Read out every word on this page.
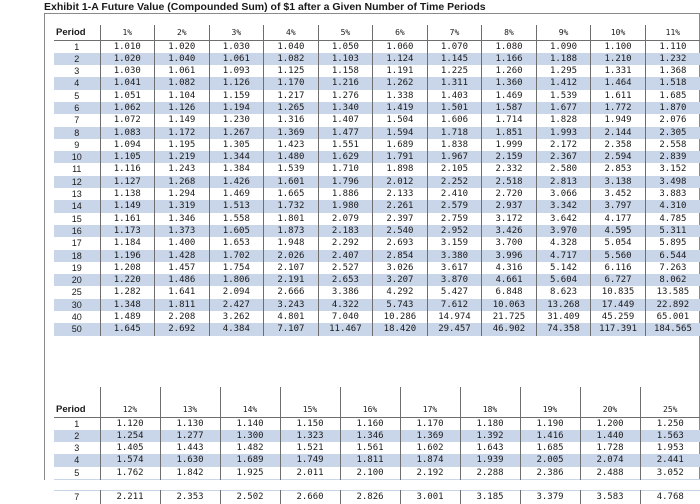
Exhibit 1-A Future Value (Compounded Sum) of $1 after a Given Number of Time Periods
Period	1%	2%	3%	4%	5%	6%	7%	8%	9%	10%	11%
1	1.010	1.020	1.030	1.040	1.050	1.060	1.070	1.080	1.090	1.100	1.110
2	1.020	1.040	1.061	1.082	1.103	1.124	1.145	1.166	1.188	1.210	1.232
3	1.030	1.061	1.093	1.125	1.158	1.191	1.225	1.260	1.295	1.331	1.368
4	1.041	1.082	1.126	1.170	1.216	1.262	1.311	1.360	1.412	1.464	1.518
5	1.051	1.104	1.159	1.217	1.276	1.338	1.403	1.469	1.539	1.611	1.685
6	1.062	1.126	1.194	1.265	1.340	1.419	1.501	1.587	1.677	1.772	1.870
7	1.072	1.149	1.230	1.316	1.407	1.504	1.606	1.714	1.828	1.949	2.076
8	1.083	1.172	1.267	1.369	1.477	1.594	1.718	1.851	1.993	2.144	2.305
9	1.094	1.195	1.305	1.423	1.551	1.689	1.838	1.999	2.172	2.358	2.558
10	1.105	1.219	1.344	1.480	1.629	1.791	1.967	2.159	2.367	2.594	2.839
11	1.116	1.243	1.384	1.539	1.710	1.898	2.105	2.332	2.580	2.853	3.152
12	1.127	1.268	1.426	1.601	1.796	2.012	2.252	2.518	2.813	3.138	3.498
13	1.138	1.294	1.469	1.665	1.886	2.133	2.410	2.720	3.066	3.452	3.883
14	1.149	1.319	1.513	1.732	1.980	2.261	2.579	2.937	3.342	3.797	4.310
15	1.161	1.346	1.558	1.801	2.079	2.397	2.759	3.172	3.642	4.177	4.785
16	1.173	1.373	1.605	1.873	2.183	2.540	2.952	3.426	3.970	4.595	5.311
17	1.184	1.400	1.653	1.948	2.292	2.693	3.159	3.700	4.328	5.054	5.895
18	1.196	1.428	1.702	2.026	2.407	2.854	3.380	3.996	4.717	5.560	6.544
19	1.208	1.457	1.754	2.107	2.527	3.026	3.617	4.316	5.142	6.116	7.263
20	1.220	1.486	1.806	2.191	2.653	3.207	3.870	4.661	5.604	6.727	8.062
25	1.282	1.641	2.094	2.666	3.386	4.292	5.427	6.848	8.623	10.835	13.585
30	1.348	1.811	2.427	3.243	4.322	5.743	7.612	10.063	13.268	17.449	22.892
40	1.489	2.208	3.262	4.801	7.040	10.286	14.974	21.725	31.409	45.259	65.001
50	1.645	2.692	4.384	7.107	11.467	18.420	29.457	46.902	74.358	117.391	184.565
Period	12%	13%	14%	15%	16%	17%	18%	19%	20%	25%
1	1.120	1.130	1.140	1.150	1.160	1.170	1.180	1.190	1.200	1.250
2	1.254	1.277	1.300	1.323	1.346	1.369	1.392	1.416	1.440	1.563
3	1.405	1.443	1.482	1.521	1.561	1.602	1.643	1.685	1.728	1.953
4	1.574	1.630	1.689	1.749	1.811	1.874	1.939	2.005	2.074	2.441
5	1.762	1.842	1.925	2.011	2.100	2.192	2.288	2.386	2.488	3.052

7	2.211	2.353	2.502	2.660	2.826	3.001	3.185	3.379	3.583	4.768
